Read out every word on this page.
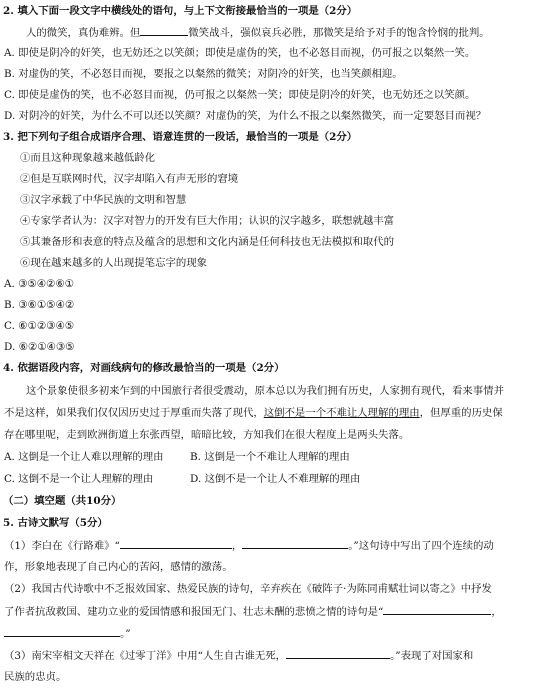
2. 填入下面一段文字中横线处的语句，与上下文衔接最恰当的一项是（2分）
人的微笑，真伪难辨。但	微笑战斗，强似哀兵必胜，那微笑是给予对手的饱含怜悯的批判。
A. 即使是阴冷的奸笑，也无妨还之以笑颜；即使是虚伪的笑，也不必怒目而视，仍可报之以粲然一笑。
B. 对虚伪的笑，不必怒目而视，要报之以粲然的微笑；对阴冷的奸笑，也当笑颜相迎。
C. 即使是虚伪的笑，也不必怒目而视，仍可报之以粲然一笑；即使是阴冷的奸笑，也无妨还之以笑颜。
D. 对阴冷的奸笑，为什么不可以还以笑颜？对虚伪的笑，为什么不报之以粲然微笑，而一定要怒目而视？
3. 把下列句子组合成语序合理、语意连贯的一段话，最恰当的一项是（2分）
①而且这种现象越来越低龄化
②但是互联网时代，汉字却陷入有声无形的窘境
③汉字承载了中华民族的文明和智慧
④专家学者认为：汉字对智力的开发有巨大作用；认识的汉字越多，联想就越丰富
⑤其兼备形和表意的特点及蕴含的思想和文化内涵是任何科技也无法模拟和取代的
⑥现在越来越多的人出现提笔忘字的现象
A. ③⑤④②⑥①
B. ③⑥①⑤④②
C. ⑥①②③④⑤
D. ⑥②①④③⑤
4. 依据语段内容，对画线病句的修改最恰当的一项是（2分）
这个景象使很多初来乍到的中国旅行者很受震动，原本总以为我们拥有历史，人家拥有现代，看来事情并
不是这样，如果我们仅仅因历史过于厚重而失落了现代，这倒不是一个不难让人理解的理由，但厚重的历史保
存在哪里呢，走到欧洲街道上东张西望，暗暗比较，方知我们在很大程度上是两头失落。
A. 这倒是一个让人难以理解的理由	B. 这倒是一个不难让人理解的理由
C. 这倒不是一个让人理解的理由	D. 这倒不是一个让人不难理解的理由
（二）填空题（共10分）
5. 古诗文默写（5分）
（1）李白在《行路难》“	，	。”这句诗中写出了四个连续的动
作，形象地表现了自己内心的苦闷，感情的激荡。
（2）我国古代诗歌中不乏报效国家、热爱民族的诗句，辛弃疾在《破阵子·为陈同甫赋壮词以寄之》中抒发
了作者抗敌救国、建功立业的爱国情感和报国无门、壮志未酬的悲愤之情的诗句是“	，
。”
（3）南宋宰相文天祥在《过零丁洋》中用“人生自古谁无死，	。”表现了对国家和
民族的忠贞。
